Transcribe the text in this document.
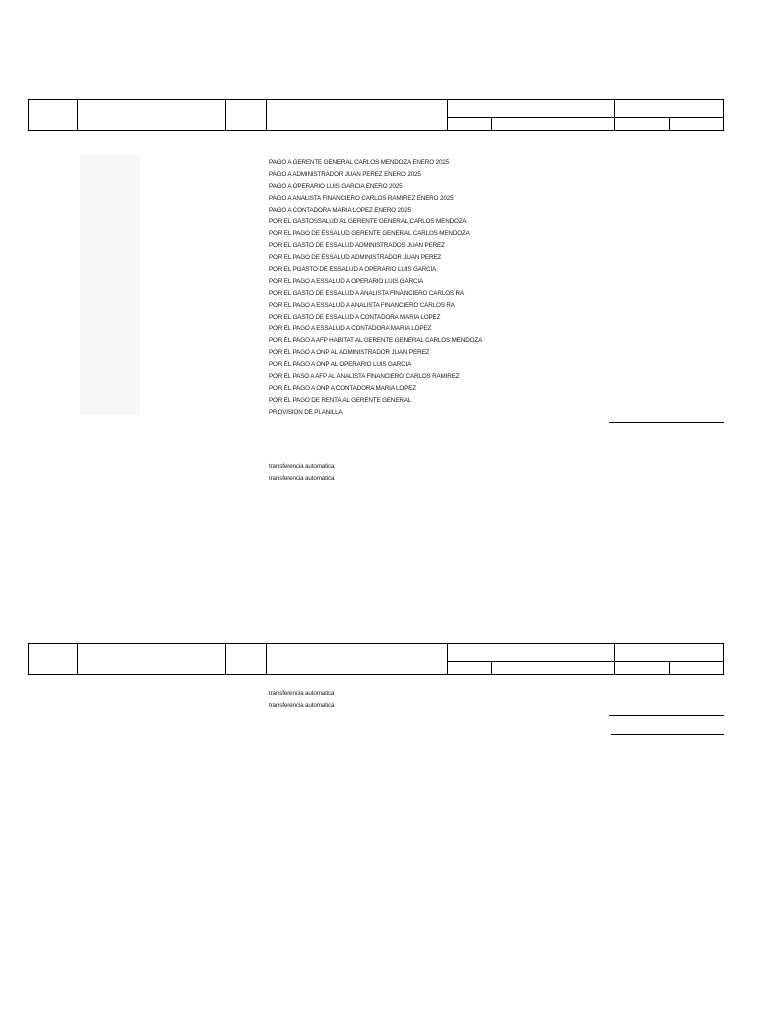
PAGO A GERENTE GENERAL CARLOS MENDOZA ENERO 2025
PAGO A ADMINISTRADOR JUAN PEREZ ENERO 2025
PAGO A OPERARIO LUIS GARCIA ENERO 2025
PAGO A ANALISTA FINANCIERO CARLOS RAMIREZ ENERO 2025
PAGO A CONTADORA MARIA LOPEZ ENERO 2025
POR EL GASTOSSALUD AL GERENTE GENERAL CARLOS MENDOZA
POR EL PAGO DE ESSALUD GERENTE GENERAL CARLOS MENDOZA
POR EL GASTO DE ESSALUD ADMINISTRADOS JUAN PEREZ
POR EL PAGO DE ESSALUD ADMINISTRADOR JUAN PEREZ
POR EL PGASTO DE ESSALUD A OPERARIO LUIS GARCIA
POR EL PAGO A ESSALUD A OPERARIO LUIS GARCIA
POR EL GASTO DE ESSALUD A ANALISTA FINANCIERO CARLOS RA
POR EL PAGO A ESSALUD A ANALISTA FINANCIERO CARLOS RA
POR EL GASTO DE ESSALUD A CONTADORA MARIA LOPEZ
POR EL PAGO A ESSALUD A CONTADORA MARIA LOPEZ
POR EL PAGO A AFP HABITAT AL GERENTE GENERAL CARLOS MENDOZA
POR EL PAGO A ONP AL ADMINISTRADOR JUAN PEREZ
POR EL PAGO A ONP AL OPERARIO LUIS GARCIA
POR EL PASO A AFP AL ANALISTA FINANCIERO CARLOS RAMIREZ
POR EL PAGO A ONP A CONTADORA MARIA LOPEZ
POR EL PAGO DE RENTA AL GERENTE GENERAL
PROVISION DE PLANILLA
transferencia automatica
transferencia automatica
transferencia automatica
transferencia automatica
